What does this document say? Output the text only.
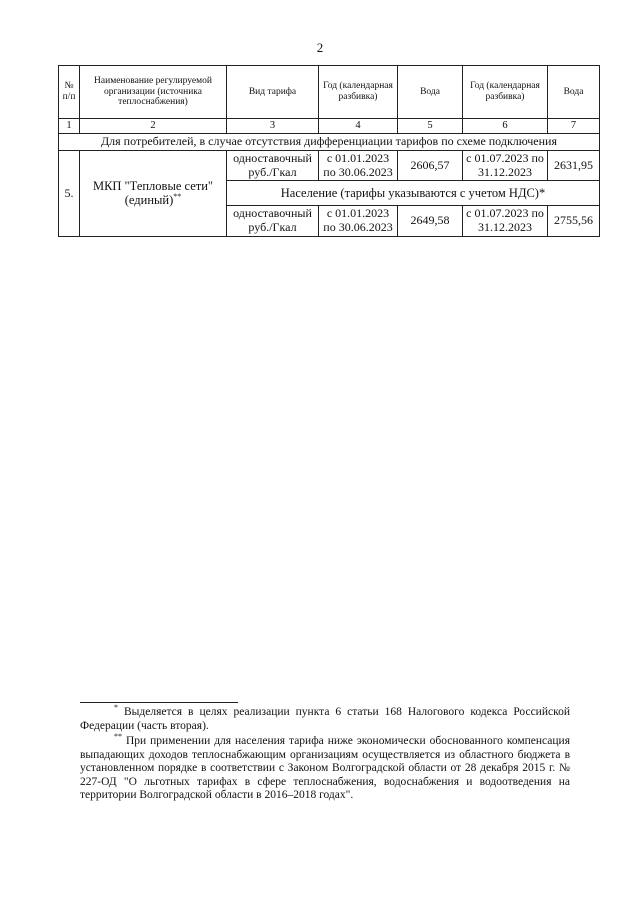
2
№ п/п	Наименование регулируемой организации (источника теплоснабжения)	Вид тарифа	Год (календарная разбивка)	Вода	Год (календарная разбивка)	Вода
1	2	3	4	5	6	7
Для потребителей, в случае отсутствия дифференциации тарифов по схеме подключения						
5.	МКП "Тепловые сети" (единый)**	одноставочный руб./Гкал	с 01.01.2023 по 30.06.2023	2606,57	с 01.07.2023 по 31.12.2023	2631,95
		Население (тарифы указываются с учетом НДС)*				
		одноставочный руб./Гкал	с 01.01.2023 по 30.06.2023	2649,58	с 01.07.2023 по 31.12.2023	2755,56

* Выделяется в целях реализации пункта 6 статьи 168 Налогового кодекса Российской Федерации (часть вторая).

** При применении для населения тарифа ниже экономически обоснованного компенсация выпадающих доходов теплоснабжающим организациям осуществляется из областного бюджета в установленном порядке в соответствии с Законом Волгоградской области от 28 декабря 2015 г. № 227-ОД "О льготных тарифах в сфере теплоснабжения, водоснабжения и водоотведения на территории Волгоградской области в 2016–2018 годах".
